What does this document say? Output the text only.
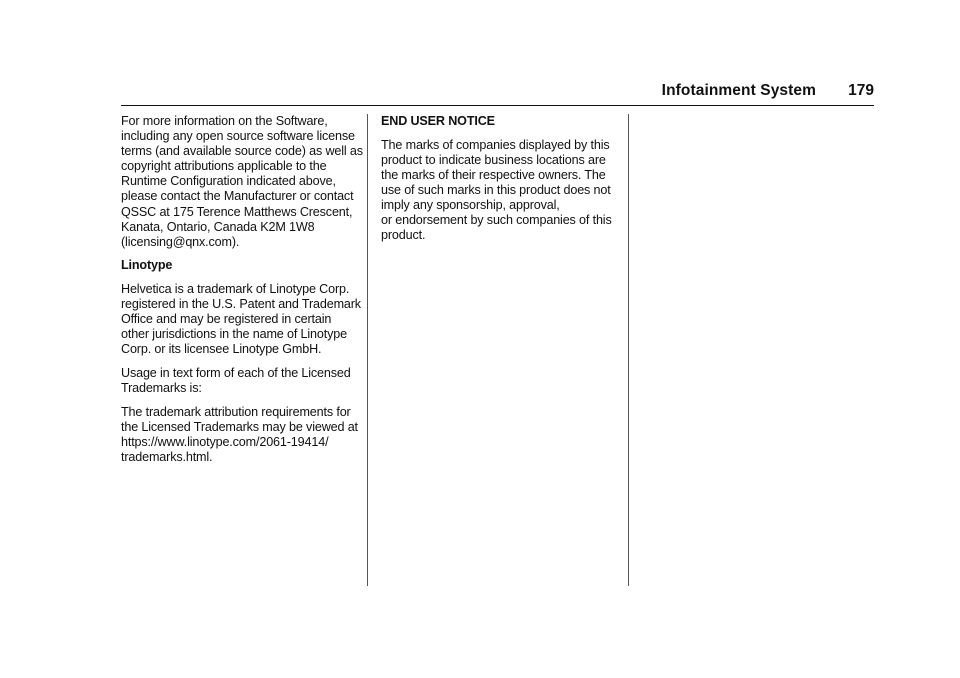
Infotainment System 179

For more information on the Software,
including any open source software license
terms (and available source code) as well as
copyright attributions applicable to the
Runtime Configuration indicated above,
please contact the Manufacturer or contact
QSSC at 175 Terence Matthews Crescent,
Kanata, Ontario, Canada K2M 1W8
(licensing@qnx.com).

Linotype

Helvetica is a trademark of Linotype Corp.
registered in the U.S. Patent and Trademark
Office and may be registered in certain
other jurisdictions in the name of Linotype
Corp. or its licensee Linotype GmbH.

Usage in text form of each of the Licensed
Trademarks is:

The trademark attribution requirements for
the Licensed Trademarks may be viewed at
https://www.linotype.com/2061-19414/
trademarks.html.

END USER NOTICE

The marks of companies displayed by this
product to indicate business locations are
the marks of their respective owners. The
use of such marks in this product does not
imply any sponsorship, approval,
or endorsement by such companies of this
product.
